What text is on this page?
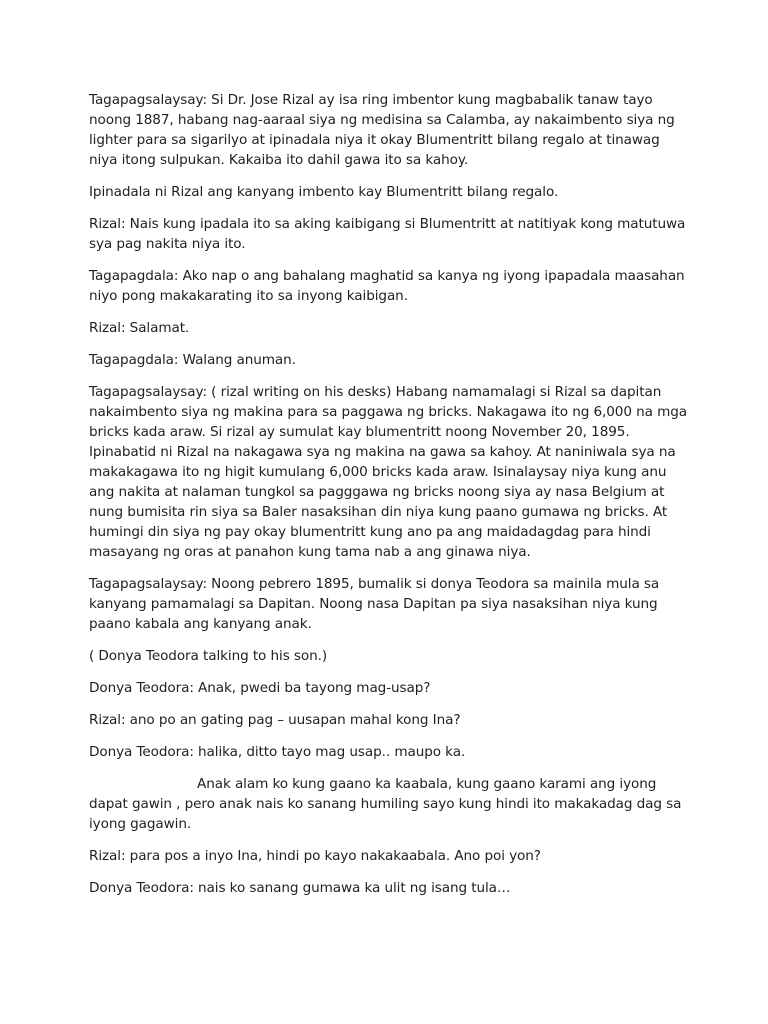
Tagapagsalaysay: Si Dr. Jose Rizal ay isa ring imbentor kung magbabalik tanaw tayo noong 1887, habang nag-aaraal siya ng medisina sa Calamba, ay nakaimbento siya ng lighter para sa sigarilyo at ipinadala niya it okay Blumentritt bilang regalo at tinawag niya itong sulpukan. Kakaiba ito dahil gawa ito sa kahoy.

Ipinadala ni Rizal ang kanyang imbento kay Blumentritt bilang regalo.

Rizal: Nais kung ipadala ito sa aking kaibigang si Blumentritt at natitiyak kong matutuwa sya pag nakita niya ito.

Tagapagdala: Ako nap o ang bahalang maghatid sa kanya ng iyong ipapadala maasahan niyo pong makakarating ito sa inyong kaibigan.

Rizal: Salamat.

Tagapagdala: Walang anuman.

Tagapagsalaysay: ( rizal writing on his desks) Habang namamalagi si Rizal sa dapitan nakaimbento siya ng makina para sa paggawa ng bricks. Nakagawa ito ng 6,000 na mga bricks kada araw. Si rizal ay sumulat kay blumentritt noong November 20, 1895. Ipinabatid ni Rizal na nakagawa sya ng makina na gawa sa kahoy. At naniniwala sya na makakagawa ito ng higit kumulang 6,000 bricks kada araw. Isinalaysay niya kung anu ang nakita at nalaman tungkol sa pagggawa ng bricks noong siya ay nasa Belgium at nung bumisita rin siya sa Baler nasaksihan din niya kung paano gumawa ng bricks. At humingi din siya ng pay okay blumentritt kung ano pa ang maidadagdag para hindi masayang ng oras at panahon kung tama nab a ang ginawa niya.

Tagapagsalaysay: Noong pebrero 1895, bumalik si donya Teodora sa mainila mula sa kanyang pamamalagi sa Dapitan. Noong nasa Dapitan pa siya nasaksihan niya kung paano kabala ang kanyang anak.

( Donya Teodora talking to his son.)

Donya Teodora: Anak, pwedi ba tayong mag-usap?

Rizal: ano po an gating pag – uusapan mahal kong Ina?

Donya Teodora: halika, ditto tayo mag usap.. maupo ka.

Anak alam ko kung gaano ka kaabala, kung gaano karami ang iyong dapat gawin , pero anak nais ko sanang humiling sayo kung hindi ito makakadag dag sa iyong gagawin.

Rizal: para pos a inyo Ina, hindi po kayo nakakaabala. Ano poi yon?

Donya Teodora: nais ko sanang gumawa ka ulit ng isang tula…
